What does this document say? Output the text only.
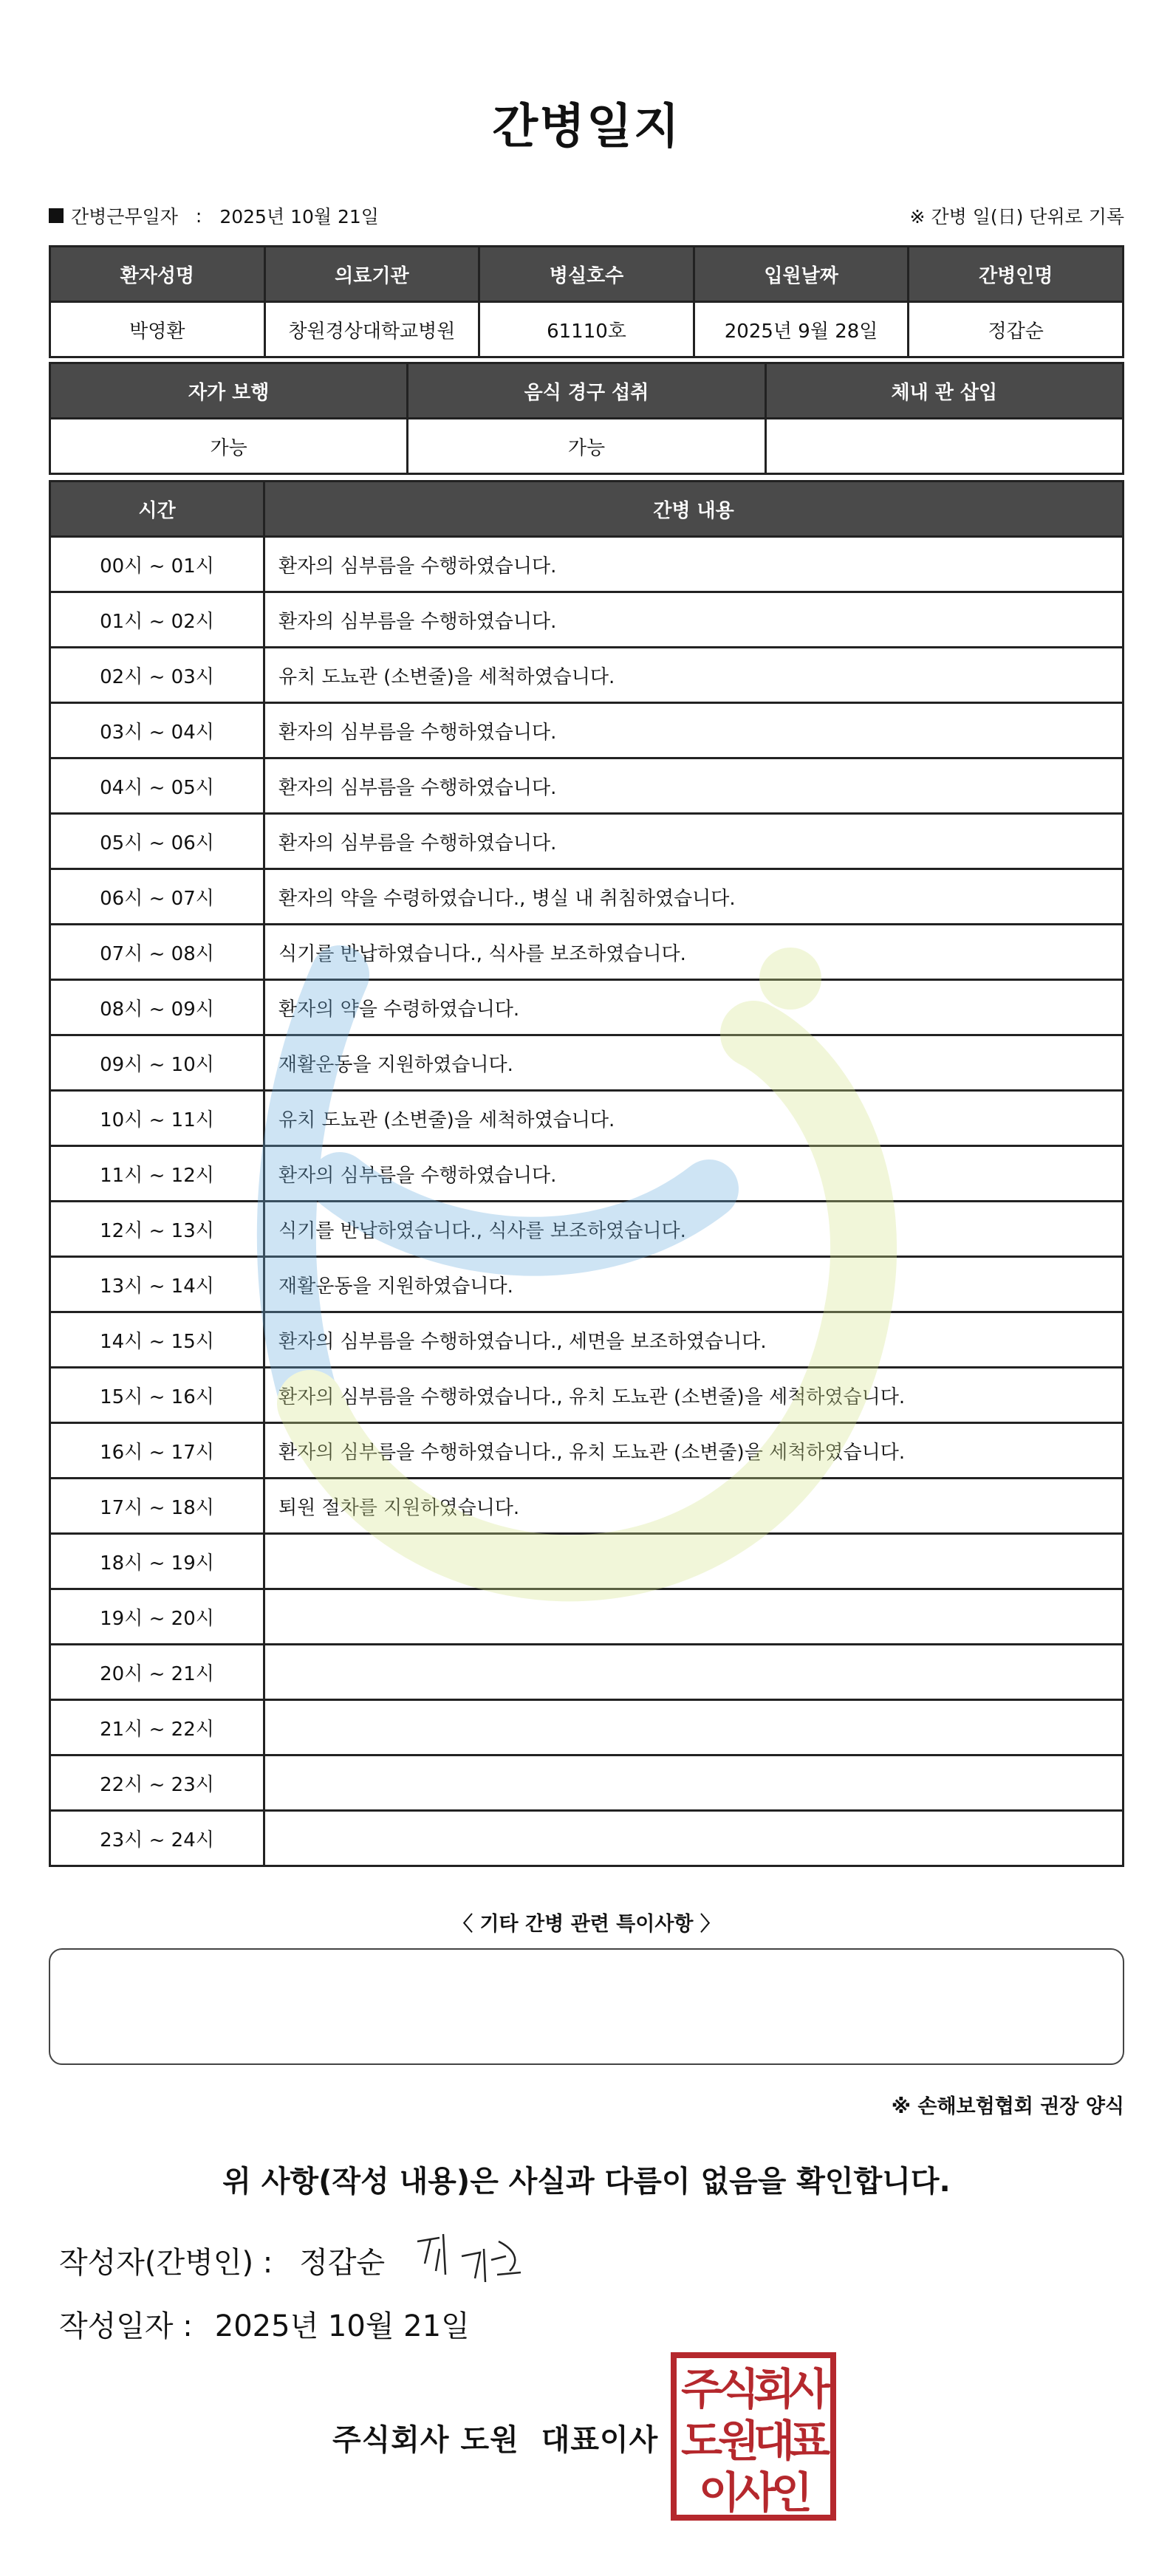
간병일지
간병근무일자 : 2025년 10월 21일	※ 간병 일(日) 단위로 기록
환자성명	의료기관	병실호수	입원날짜	간병인명
박영환	창원경상대학교병원	61110호	2025년 9월 28일	정갑순
자가 보행	음식 경구 섭취	체내 관 삽입
가능	가능	
시간	간병 내용
00시 ~ 01시	환자의 심부름을 수행하였습니다.
01시 ~ 02시	환자의 심부름을 수행하였습니다.
02시 ~ 03시	유치 도뇨관 (소변줄)을 세척하였습니다.
03시 ~ 04시	환자의 심부름을 수행하였습니다.
04시 ~ 05시	환자의 심부름을 수행하였습니다.
05시 ~ 06시	환자의 심부름을 수행하였습니다.
06시 ~ 07시	환자의 약을 수령하였습니다., 병실 내 취침하였습니다.
07시 ~ 08시	식기를 반납하였습니다., 식사를 보조하였습니다.
08시 ~ 09시	환자의 약을 수령하였습니다.
09시 ~ 10시	재활운동을 지원하였습니다.
10시 ~ 11시	유치 도뇨관 (소변줄)을 세척하였습니다.
11시 ~ 12시	환자의 심부름을 수행하였습니다.
12시 ~ 13시	식기를 반납하였습니다., 식사를 보조하였습니다.
13시 ~ 14시	재활운동을 지원하였습니다.
14시 ~ 15시	환자의 심부름을 수행하였습니다., 세면을 보조하였습니다.
15시 ~ 16시	환자의 심부름을 수행하였습니다., 유치 도뇨관 (소변줄)을 세척하였습니다.
16시 ~ 17시	환자의 심부름을 수행하였습니다., 유치 도뇨관 (소변줄)을 세척하였습니다.
17시 ~ 18시	퇴원 절차를 지원하였습니다.
18시 ~ 19시	
19시 ~ 20시	
20시 ~ 21시	
21시 ~ 22시	
22시 ~ 23시	
23시 ~ 24시	
〈 기타 간병 관련 특이사항 〉
※ 손해보험협회 권장 양식
위 사항(작성 내용)은 사실과 다름이 없음을 확인합니다.
작성자(간병인) : 정갑순
작성일자 : 2025년 10월 21일
주식회사 도원 대표이사
주
식
회
사
도
원
대
표
이
사
인
